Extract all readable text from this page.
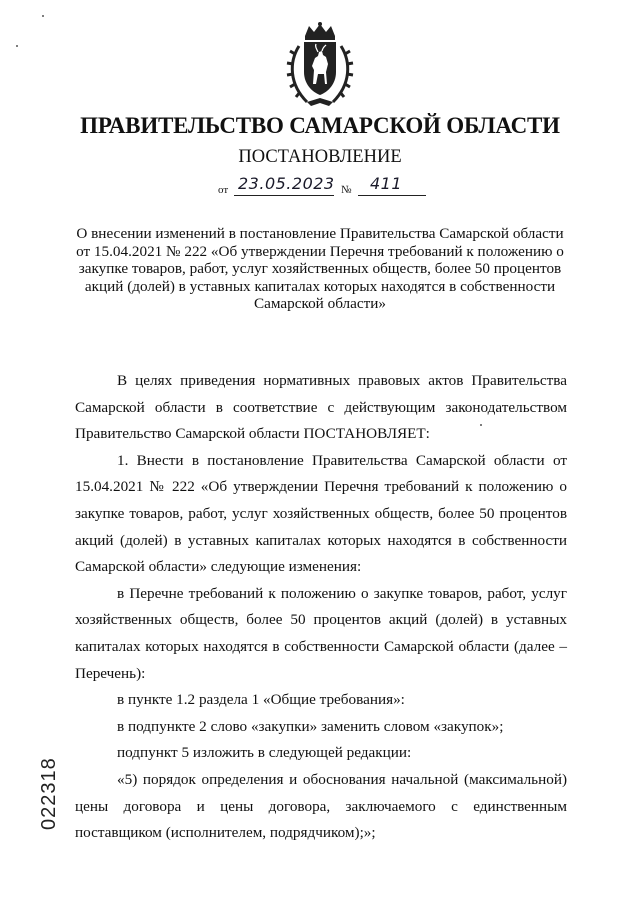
ПРАВИТЕЛЬСТВО САМАРСКОЙ ОБЛАСТИ
ПОСТАНОВЛЕНИЕ
от 23.05.2023 № 411
О внесении изменений в постановление Правительства Самарской области от 15.04.2021 № 222 «Об утверждении Перечня требований к положению о закупке товаров, работ, услуг хозяйственных обществ, более 50 процентов акций (долей) в уставных капиталах которых находятся в собственности Самарской области»

В целях приведения нормативных правовых актов Правительства Самарской области в соответствие с действующим законодательством Правительство Самарской области ПОСТАНОВЛЯЕТ:

1. Внести в постановление Правительства Самарской области от 15.04.2021 № 222 «Об утверждении Перечня требований к положению о закупке товаров, работ, услуг хозяйственных обществ, более 50 процентов акций (долей) в уставных капиталах которых находятся в собственности Самарской области» следующие изменения:

в Перечне требований к положению о закупке товаров, работ, услуг хозяйственных обществ, более 50 процентов акций (долей) в уставных капиталах которых находятся в собственности Самарской области (далее – Перечень):

в пункте 1.2 раздела 1 «Общие требования»:

в подпункте 2 слово «закупки» заменить словом «закупок»;

подпункт 5 изложить в следующей редакции:

«5) порядок определения и обоснования начальной (максимальной) цены договора и цены договора, заключаемого с единственным поставщиком (исполнителем, подрядчиком);»;

022318
